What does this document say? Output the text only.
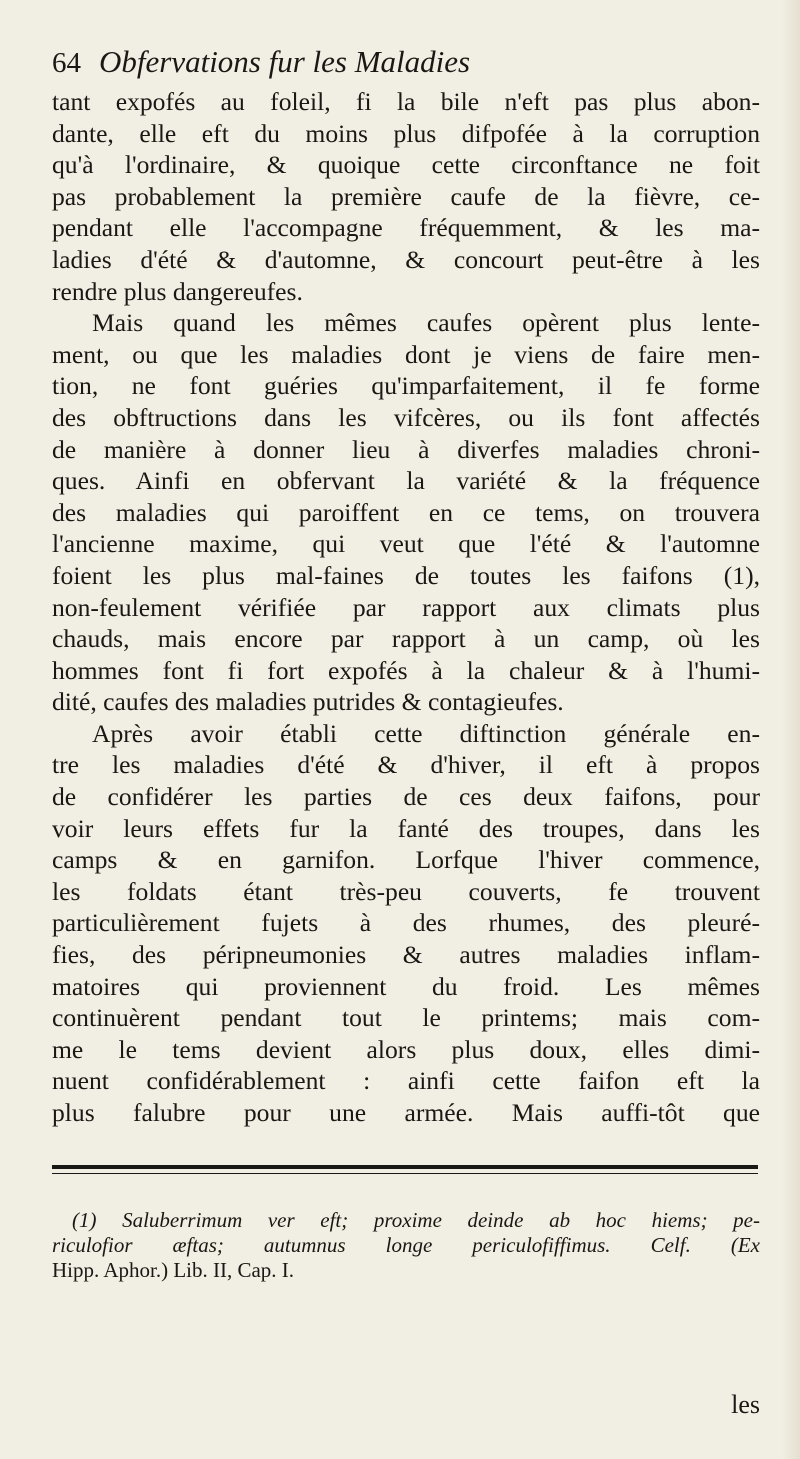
64 Obfervations fur les Maladies
tant expofés au foleil, fi la bile n'eft pas plus abon-
dante, elle eft du moins plus difpofée à la corruption
qu'à l'ordinaire, & quoique cette circonftance ne foit
pas probablement la première caufe de la fièvre, ce-
pendant elle l'accompagne fréquemment, & les ma-
ladies d'été & d'automne, & concourt peut-être à les
rendre plus dangereufes.
Mais quand les mêmes caufes opèrent plus lente-
ment, ou que les maladies dont je viens de faire men-
tion, ne font guéries qu'imparfaitement, il fe forme
des obftructions dans les vifcères, ou ils font affectés
de manière à donner lieu à diverfes maladies chroni-
ques. Ainfi en obfervant la variété & la fréquence
des maladies qui paroiffent en ce tems, on trouvera
l'ancienne maxime, qui veut que l'été & l'automne
foient les plus mal-faines de toutes les faifons (1),
non-feulement vérifiée par rapport aux climats plus
chauds, mais encore par rapport à un camp, où les
hommes font fi fort expofés à la chaleur & à l'humi-
dité, caufes des maladies putrides & contagieufes.
Après avoir établi cette diftinction générale en-
tre les maladies d'été & d'hiver, il eft à propos
de confidérer les parties de ces deux faifons, pour
voir leurs effets fur la fanté des troupes, dans les
camps & en garnifon. Lorfque l'hiver commence,
les foldats étant très-peu couverts, fe trouvent
particulièrement fujets à des rhumes, des pleuré-
fies, des péripneumonies & autres maladies inflam-
matoires qui proviennent du froid. Les mêmes
continuèrent pendant tout le printems; mais com-
me le tems devient alors plus doux, elles dimi-
nuent confidérablement : ainfi cette faifon eft la
plus falubre pour une armée. Mais auffi-tôt que
(1) Saluberrimum ver eft; proxime deinde ab hoc hiems; pe-
riculofior æftas; autumnus longe periculofiffimus. Celf. (Ex
Hipp. Aphor.) Lib. II, Cap. I.
les
